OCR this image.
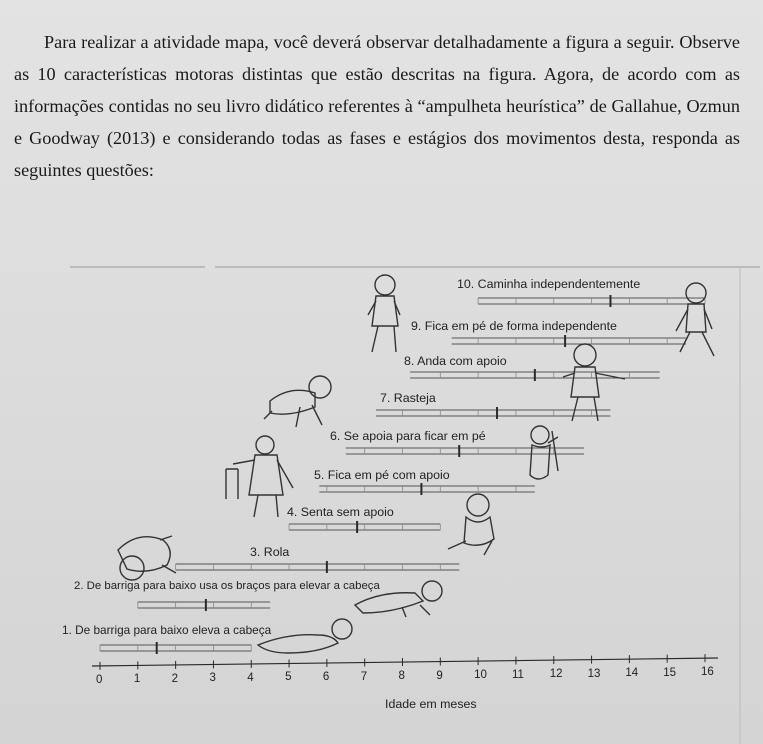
Para realizar a atividade mapa, você deverá observar detalhadamente a figura a seguir. Observe as 10 características motoras distintas que estão descritas na figura. Agora, de acordo com as informações contidas no seu livro didático referentes à “ampulheta heurística” de Gallahue, Ozmun e Goodway (2013) e considerando todas as fases e estágios dos movimentos desta, responda as seguintes questões:

10. Caminha independentemente
9. Fica em pé de forma independente
8. Anda com apoio
7. Rasteja
6. Se apoia para ficar em pé
5. Fica em pé com apoio
4. Senta sem apoio
3. Rola
2. De barriga para baixo usa os braços para elevar a cabeça
1. De barriga para baixo eleva a cabeça
0	1	2	3	4	5	6	7	8	9	10 11 12 13 14 15 16
Idade em meses
